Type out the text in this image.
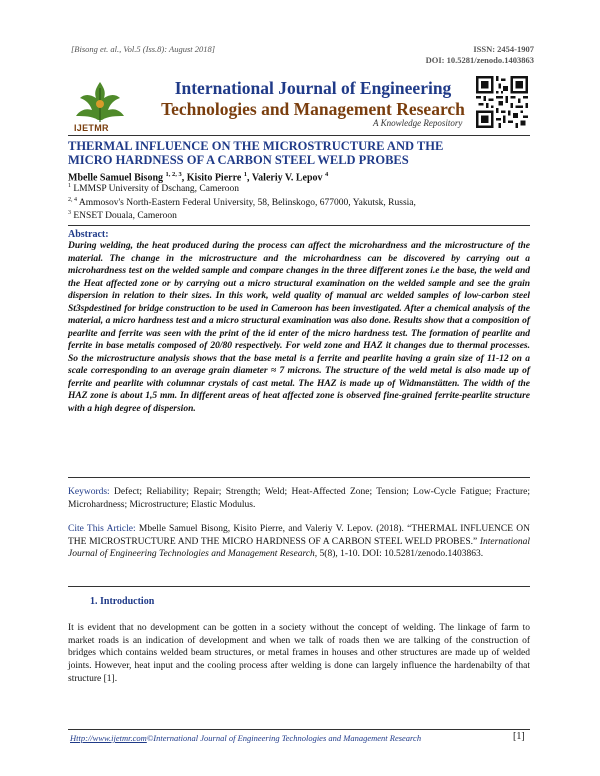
[Bisong et. al., Vol.5 (Iss.8): August 2018]	ISSN: 2454-1907
DOI: 10.5281/zenodo.1403863
IJETMR
International Journal of Engineering
Technologies and Management Research
A Knowledge Repository
THERMAL INFLUENCE ON THE MICROSTRUCTURE AND THE
MICRO HARDNESS OF A CARBON STEEL WELD PROBES
Mbelle Samuel Bisong $^{1, 2, 3}$, Kisito Pierre $^1$, Valeriy V. Lepov $^4$
$^1$ LMMSP University of Dschang, Cameroon
$^{2, 4}$ Ammosov's North-Eastern Federal University, 58, Belinskogo, 677000, Yakutsk, Russia,
$^3$ ENSET Douala, Cameroon
Abstract:
During welding, the heat produced during the process can affect the microhardness and the microstructure of the material. The change in the microstructure and the microhardness can be discovered by carrying out a microhardness test on the welded sample and compare changes in the three different zones i.e the base, the weld and the Heat affected zone or by carrying out a micro structural examination on the welded sample and see the grain dispersion in relation to their sizes. In this work, weld quality of manual arc welded samples of low-carbon steel St3spdestined for bridge construction to be used in Cameroon has been investigated. After a chemical analysis of the material, a micro hardness test and a micro structural examination was also done. Results show that a composition of pearlite and ferrite was seen with the print of the id enter of the micro hardness test. The formation of pearlite and ferrite in base metalis composed of 20/80 respectively. For weld zone and HAZ it changes due to thermal processes. So the microstructure analysis shows that the base metal is a ferrite and pearlite having a grain size of 11-12 on a scale corresponding to an average grain diameter ≈ 7 microns. The structure of the weld metal is also made up of ferrite and pearlite with columnar crystals of cast metal. The HAZ is made up of Widmanstätten. The width of the HAZ zone is about 1,5 mm. In different areas of heat affected zone is observed fine-grained ferrite-pearlite structure with a high degree of dispersion.
Keywords: Defect; Reliability; Repair; Strength; Weld; Heat-Affected Zone; Tension; Low-Cycle Fatigue; Fracture; Microhardness; Microstructure; Elastic Modulus.
Cite This Article: Mbelle Samuel Bisong, Kisito Pierre, and Valeriy V. Lepov. (2018). “THERMAL INFLUENCE ON THE MICROSTRUCTURE AND THE MICRO HARDNESS OF A CARBON STEEL WELD PROBES.” International Journal of Engineering Technologies and Management Research, 5(8), 1-10. DOI: 10.5281/zenodo.1403863.
1. Introduction
It is evident that no development can be gotten in a society without the concept of welding. The linkage of farm to market roads is an indication of development and when we talk of roads then we are talking of the construction of bridges which contains welded beam structures, or metal frames in houses and other structures are made up of welded joints. However, heat input and the cooling process after welding is done can largely influence the hardenabilty of that structure [1].
Http://www.ijetmr.com©International Journal of Engineering Technologies and Management Research	[1]
